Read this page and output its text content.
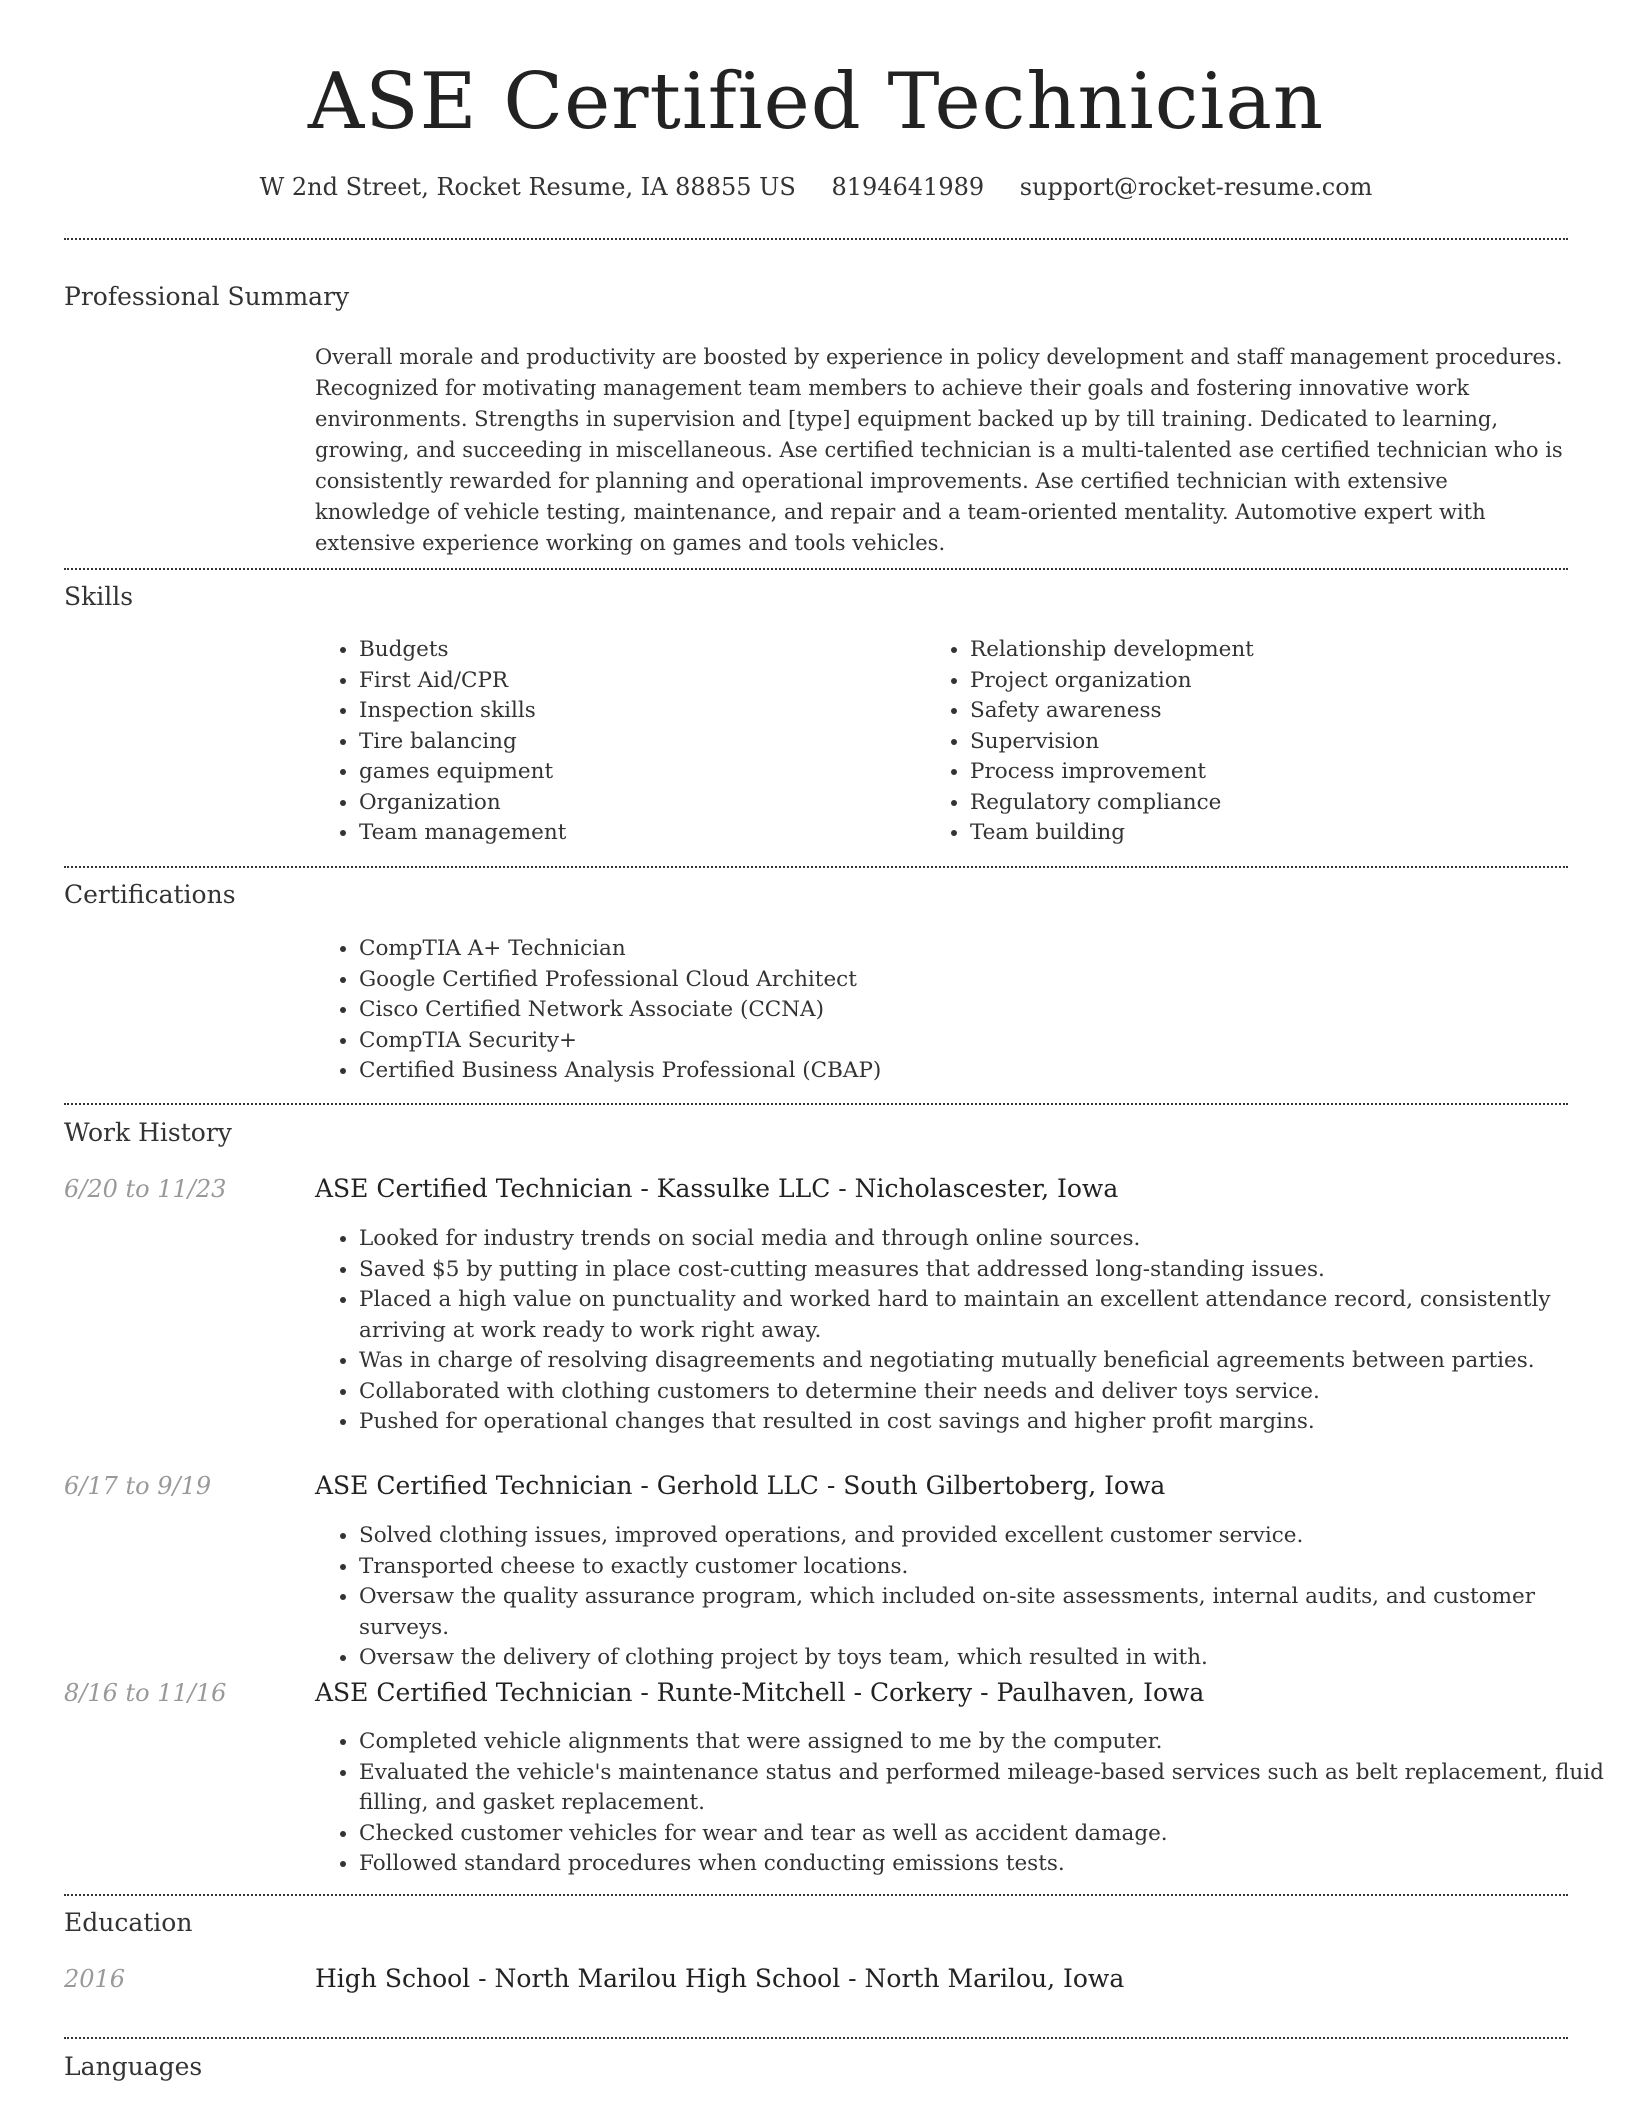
ASE Certified Technician
W 2nd Street, Rocket Resume, IA 88855 US 8194641989 support@rocket-resume.com
Professional Summary

Overall morale and productivity are boosted by experience in policy development and staff management procedures. Recognized for motivating management team members to achieve their goals and fostering innovative work environments. Strengths in supervision and [type] equipment backed up by till training. Dedicated to learning, growing, and succeeding in miscellaneous. Ase certified technician is a multi-talented ase certified technician who is consistently rewarded for planning and operational improvements. Ase certified technician with extensive knowledge of vehicle testing, maintenance, and repair and a team-oriented mentality. Automotive expert with extensive experience working on games and tools vehicles.

Skills
• Budgets
• First Aid/CPR
• Inspection skills
• Tire balancing
• games equipment
• Organization
• Team management
• Relationship development
• Project organization
• Safety awareness
• Supervision
• Process improvement
• Regulatory compliance
• Team building
Certifications
• CompTIA A+ Technician
• Google Certified Professional Cloud Architect
• Cisco Certified Network Associate (CCNA)
• CompTIA Security+
• Certified Business Analysis Professional (CBAP)
Work History
6/20 to 11/23	ASE Certified Technician - Kassulke LLC - Nicholascester, Iowa
• Looked for industry trends on social media and through online sources.
• Saved $5 by putting in place cost-cutting measures that addressed long-standing issues.
• Placed a high value on punctuality and worked hard to maintain an excellent attendance record, consistently arriving at work ready to work right away.
• Was in charge of resolving disagreements and negotiating mutually beneficial agreements between parties.
• Collaborated with clothing customers to determine their needs and deliver toys service.
• Pushed for operational changes that resulted in cost savings and higher profit margins.
6/17 to 9/19	ASE Certified Technician - Gerhold LLC - South Gilbertoberg, Iowa
• Solved clothing issues, improved operations, and provided excellent customer service.
• Transported cheese to exactly customer locations.
• Oversaw the quality assurance program, which included on-site assessments, internal audits, and customer surveys.
• Oversaw the delivery of clothing project by toys team, which resulted in with.
8/16 to 11/16	ASE Certified Technician - Runte-Mitchell - Corkery - Paulhaven, Iowa
• Completed vehicle alignments that were assigned to me by the computer.
• Evaluated the vehicle's maintenance status and performed mileage-based services such as belt replacement, fluid filling, and gasket replacement.
• Checked customer vehicles for wear and tear as well as accident damage.
• Followed standard procedures when conducting emissions tests.
Education
2016	High School - North Marilou High School - North Marilou, Iowa
Languages
